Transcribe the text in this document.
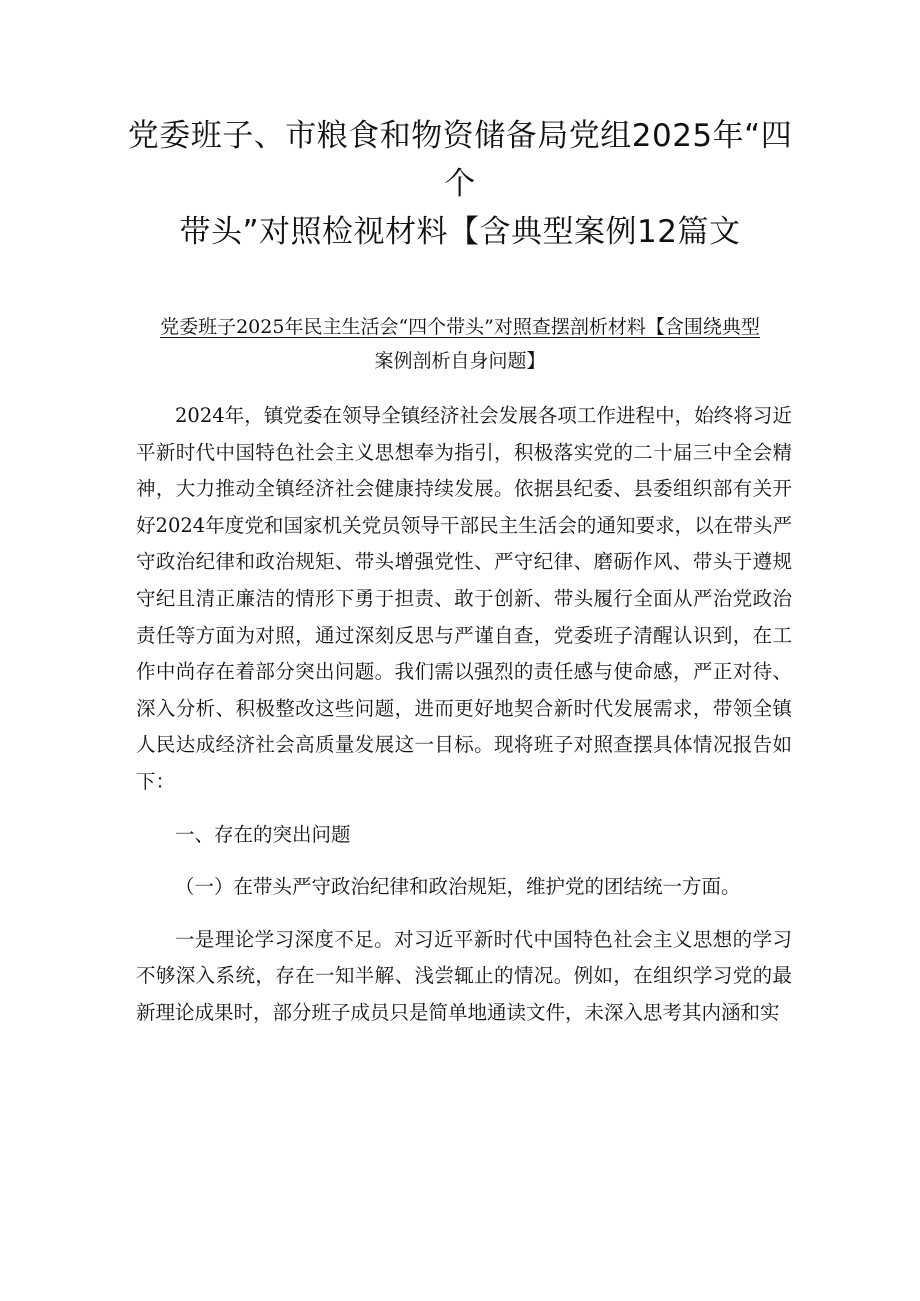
党委班子、市粮食和物资储备局党组2025年“四个
带头”对照检视材料【含典型案例12篇文
党委班子2025年民主生活会“四个带头”对照查摆剖析材料【含围绕典型
案例剖析自身问题】

2024年，镇党委在领导全镇经济社会发展各项工作进程中，始终将习近平新时代中国特色社会主义思想奉为指引，积极落实党的二十届三中全会精神，大力推动全镇经济社会健康持续发展。依据县纪委、县委组织部有关开好2024年度党和国家机关党员领导干部民主生活会的通知要求，以在带头严守政治纪律和政治规矩、带头增强党性、严守纪律、磨砺作风、带头于遵规守纪且清正廉洁的情形下勇于担责、敢于创新、带头履行全面从严治党政治责任等方面为对照，通过深刻反思与严谨自查，党委班子清醒认识到，在工作中尚存在着部分突出问题。我们需以强烈的责任感与使命感，严正对待、深入分析、积极整改这些问题，进而更好地契合新时代发展需求，带领全镇人民达成经济社会高质量发展这一目标。现将班子对照查摆具体情况报告如下：

一、存在的突出问题

（一）在带头严守政治纪律和政治规矩，维护党的团结统一方面。

一是理论学习深度不足。对习近平新时代中国特色社会主义思想的学习不够深入系统，存在一知半解、浅尝辄止的情况。例如，在组织学习党的最新理论成果时，部分班子成员只是简单地通读文件，未深入思考其内涵和实
